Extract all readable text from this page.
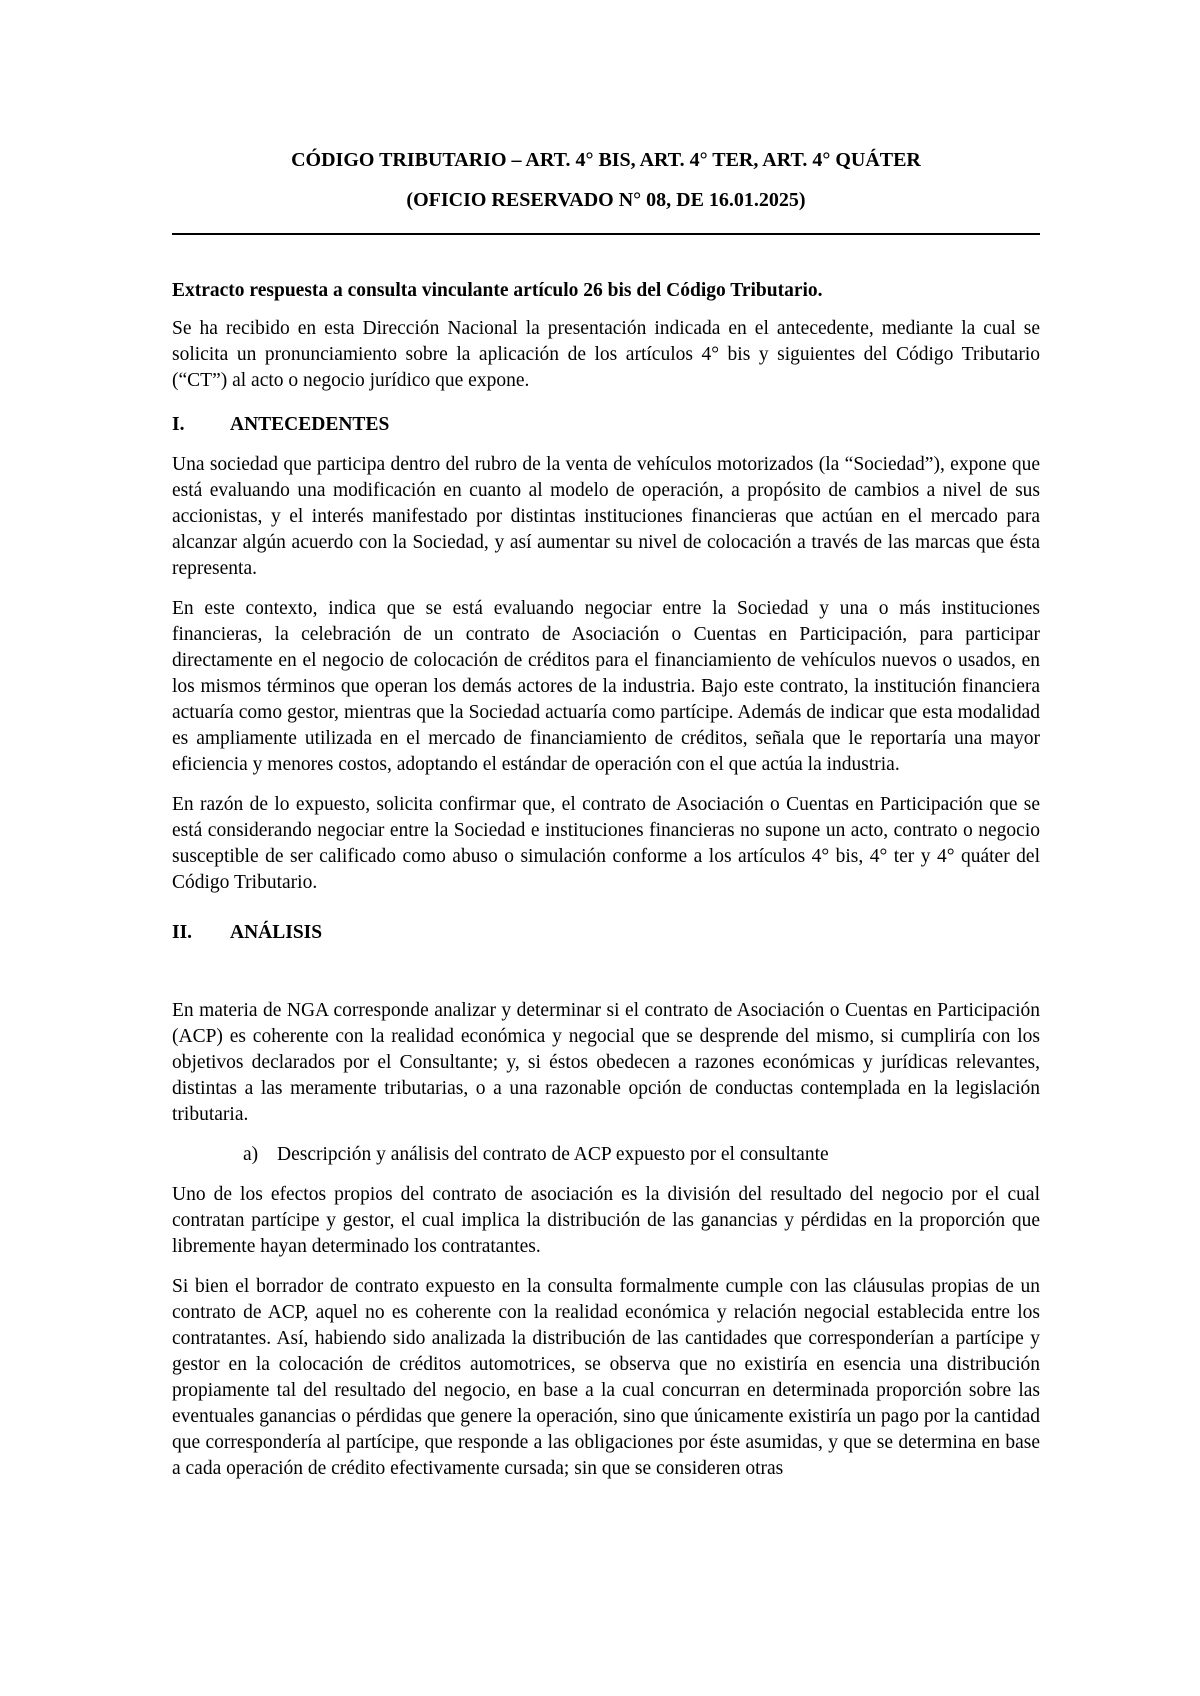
CÓDIGO TRIBUTARIO – ART. 4° BIS, ART. 4° TER, ART. 4° QUÁTER
(OFICIO RESERVADO N° 08, DE 16.01.2025)

Extracto respuesta a consulta vinculante artículo 26 bis del Código Tributario.

Se ha recibido en esta Dirección Nacional la presentación indicada en el antecedente, mediante la cual se solicita un pronunciamiento sobre la aplicación de los artículos 4° bis y siguientes del Código Tributario (“CT”) al acto o negocio jurídico que expone.

I.	ANTECEDENTES

Una sociedad que participa dentro del rubro de la venta de vehículos motorizados (la “Sociedad”), expone que está evaluando una modificación en cuanto al modelo de operación, a propósito de cambios a nivel de sus accionistas, y el interés manifestado por distintas instituciones financieras que actúan en el mercado para alcanzar algún acuerdo con la Sociedad, y así aumentar su nivel de colocación a través de las marcas que ésta representa.

En este contexto, indica que se está evaluando negociar entre la Sociedad y una o más instituciones financieras, la celebración de un contrato de Asociación o Cuentas en Participación, para participar directamente en el negocio de colocación de créditos para el financiamiento de vehículos nuevos o usados, en los mismos términos que operan los demás actores de la industria. Bajo este contrato, la institución financiera actuaría como gestor, mientras que la Sociedad actuaría como partícipe. Además de indicar que esta modalidad es ampliamente utilizada en el mercado de financiamiento de créditos, señala que le reportaría una mayor eficiencia y menores costos, adoptando el estándar de operación con el que actúa la industria.

En razón de lo expuesto, solicita confirmar que, el contrato de Asociación o Cuentas en Participación que se está considerando negociar entre la Sociedad e instituciones financieras no supone un acto, contrato o negocio susceptible de ser calificado como abuso o simulación conforme a los artículos 4° bis, 4° ter y 4° quáter del Código Tributario.

II.	ANÁLISIS

En materia de NGA corresponde analizar y determinar si el contrato de Asociación o Cuentas en Participación (ACP) es coherente con la realidad económica y negocial que se desprende del mismo, si cumpliría con los objetivos declarados por el Consultante; y, si éstos obedecen a razones económicas y jurídicas relevantes, distintas a las meramente tributarias, o a una razonable opción de conductas contemplada en la legislación tributaria.

a) Descripción y análisis del contrato de ACP expuesto por el consultante

Uno de los efectos propios del contrato de asociación es la división del resultado del negocio por el cual contratan partícipe y gestor, el cual implica la distribución de las ganancias y pérdidas en la proporción que libremente hayan determinado los contratantes.

Si bien el borrador de contrato expuesto en la consulta formalmente cumple con las cláusulas propias de un contrato de ACP, aquel no es coherente con la realidad económica y relación negocial establecida entre los contratantes. Así, habiendo sido analizada la distribución de las cantidades que corresponderían a partícipe y gestor en la colocación de créditos automotrices, se observa que no existiría en esencia una distribución propiamente tal del resultado del negocio, en base a la cual concurran en determinada proporción sobre las eventuales ganancias o pérdidas que genere la operación, sino que únicamente existiría un pago por la cantidad que correspondería al partícipe, que responde a las obligaciones por éste asumidas, y que se determina en base a cada operación de crédito efectivamente cursada; sin que se consideren otras
